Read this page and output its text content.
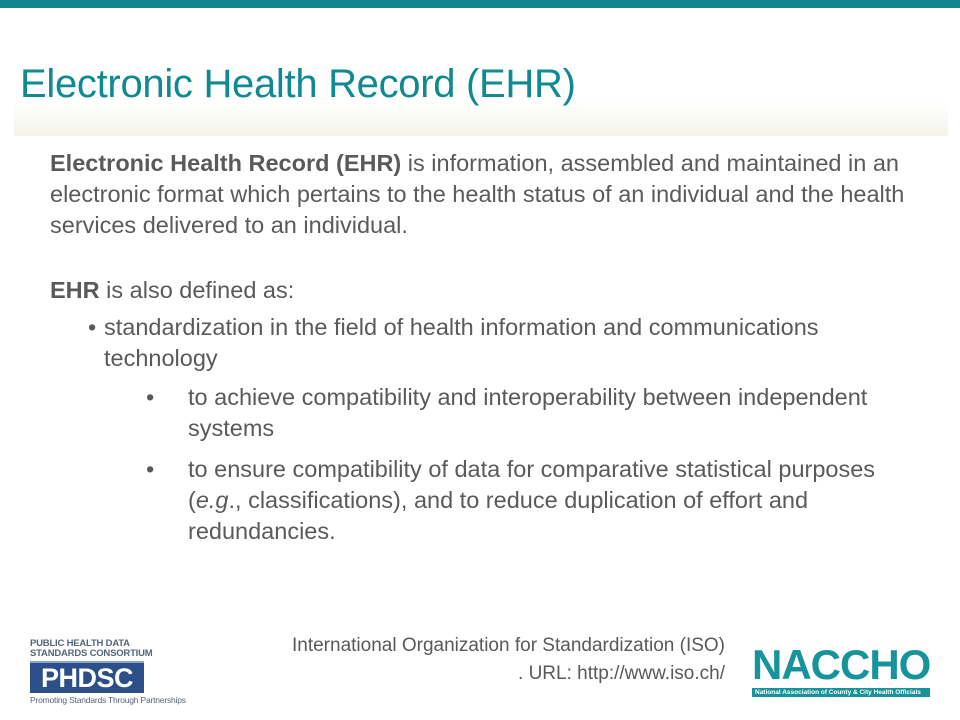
Electronic Health Record (EHR)

Electronic Health Record (EHR) is information, assembled and maintained in an electronic format which pertains to the health status of an individual and the health services delivered to an individual.

EHR is also defined as:

• standardization in the field of health information and communications technology
• to achieve compatibility and interoperability between independent systems
• to ensure compatibility of data for comparative statistical purposes (e.g., classifications), and to reduce duplication of effort and redundancies.
PUBLIC HEALTH DATA
STANDARDS CONSORTIUM
PHDSC
Promoting Standards Through Partnerships
International Organization for Standardization (ISO)
. URL: http://www.iso.ch/ NACCHO
National Association of County & City Health Officials
